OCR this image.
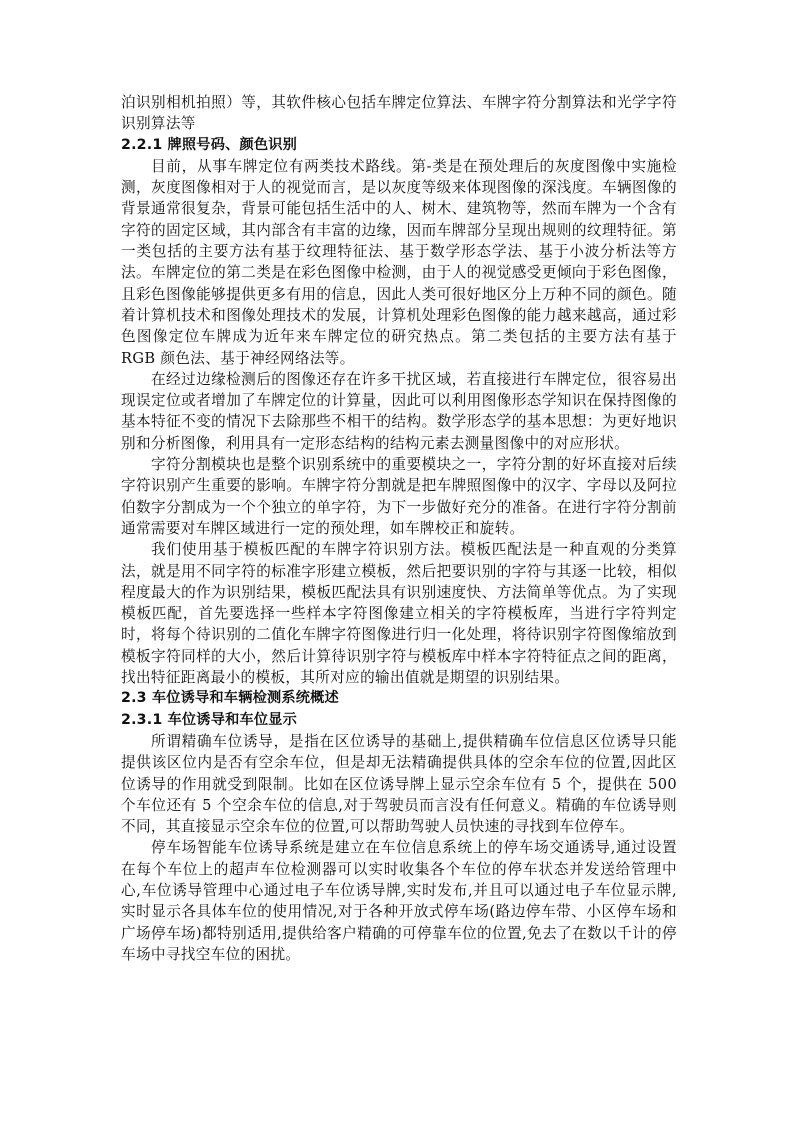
泊识别相机拍照）等，其软件核心包括车牌定位算法、车牌字符分割算法和光学字符识别算法等

2.2.1 牌照号码、颜色识别

目前，从事车牌定位有两类技术路线。第-类是在预处理后的灰度图像中实施检测，灰度图像相对于人的视觉而言，是以灰度等级来体现图像的深浅度。车辆图像的背景通常很复杂，背景可能包括生活中的人、树木、建筑物等，然而车牌为一个含有字符的固定区域，其内部含有丰富的边缘，因而车牌部分呈现出规则的纹理特征。第一类包括的主要方法有基于纹理特征法、基于数学形态学法、基于小波分析法等方法。车牌定位的第二类是在彩色图像中检测，由于人的视觉感受更倾向于彩色图像，且彩色图像能够提供更多有用的信息，因此人类可很好地区分上万种不同的颜色。随着计算机技术和图像处理技术的发展，计算机处理彩色图像的能力越来越高，通过彩色图像定位车牌成为近年来车牌定位的研究热点。第二类包括的主要方法有基于 RGB 颜色法、基于神经网络法等。

在经过边缘检测后的图像还存在许多干扰区域，若直接进行车牌定位，很容易出现误定位或者增加了车牌定位的计算量，因此可以利用图像形态学知识在保持图像的基本特征不变的情况下去除那些不相干的结构。数学形态学的基本思想：为更好地识别和分析图像，利用具有一定形态结构的结构元素去测量图像中的对应形状。

字符分割模块也是整个识别系统中的重要模块之一，字符分割的好坏直接对后续字符识别产生重要的影响。车牌字符分割就是把车牌照图像中的汉字、字母以及阿拉伯数字分割成为一个个独立的单字符，为下一步做好充分的准备。在进行字符分割前通常需要对车牌区域进行一定的预处理，如车牌校正和旋转。

我们使用基于模板匹配的车牌字符识别方法。模板匹配法是一种直观的分类算法，就是用不同字符的标准字形建立模板，然后把要识别的字符与其逐一比较，相似程度最大的作为识别结果，模板匹配法具有识别速度快、方法简单等优点。为了实现模板匹配，首先要选择一些样本字符图像建立相关的字符模板库，当进行字符判定时，将每个待识别的二值化车牌字符图像进行归一化处理，将待识别字符图像缩放到模板字符同样的大小，然后计算待识别字符与模板库中样本字符特征点之间的距离，找出特征距离最小的模板，其所对应的输出值就是期望的识别结果。

2.3 车位诱导和车辆检测系统概述

2.3.1 车位诱导和车位显示

所谓精确车位诱导，是指在区位诱导的基础上,提供精确车位信息区位诱导只能提供该区位内是否有空余车位，但是却无法精确提供具体的空余车位的位置,因此区位诱导的作用就受到限制。比如在区位诱导牌上显示空余车位有 5 个，提供在 500 个车位还有 5 个空余车位的信息,对于驾驶员而言没有任何意义。精确的车位诱导则不同，其直接显示空余车位的位置,可以帮助驾驶人员快速的寻找到车位停车。

停车场智能车位诱导系统是建立在车位信息系统上的停车场交通诱导,通过设置在每个车位上的超声车位检测器可以实时收集各个车位的停车状态并发送给管理中心,车位诱导管理中心通过电子车位诱导牌,实时发布,并且可以通过电子车位显示牌,实时显示各具体车位的使用情况,对于各种开放式停车场(路边停车带、小区停车场和广场停车场)都特别适用,提供给客户精确的可停靠车位的位置,免去了在数以千计的停车场中寻找空车位的困扰。
